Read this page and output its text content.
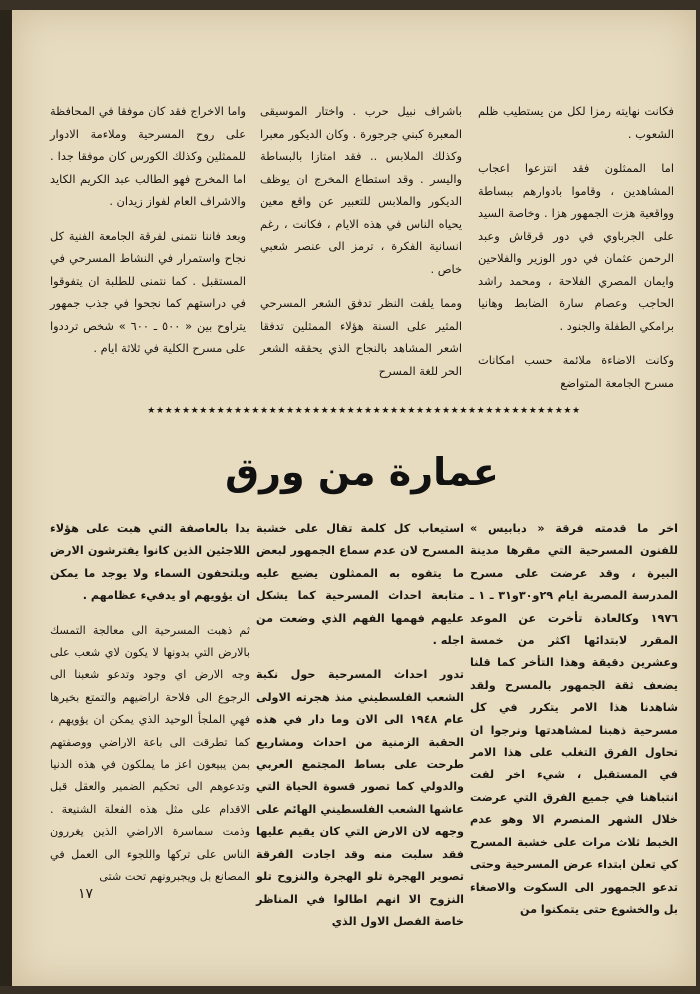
فكانت نهايته رمزا لكل من يستطيب ظلم الشعوب .

اما الممثلون فقد انتزعوا اعجاب المشاهدين ، وقاموا بادوارهم ببساطة وواقعية هزت الجمهور هزا . وخاصة السيد على الجرباوي في دور قرقاش وعبد الرحمن عثمان في دور الوزير والفلاحين وايمان المصري الفلاحة ، ومحمد راشد الحاجب وعصام سارة الضابط وهانيا برامكي الطفلة والجنود .

وكانت الاضاءة ملائمة حسب امكانات مسرح الجامعة المتواضع

باشراف نبيل حرب . واختار الموسيقى المعبرة كبني جرجورة . وكان الديكور معبرا وكذلك الملابس .. فقد امتازا بالبساطة واليسر . وقد استطاع المخرج ان يوظف الديكور والملابس للتعبير عن واقع معين يحياه الناس في هذه الايام ، فكانت ، رغم انسانية الفكرة ، ترمز الى عنصر شعبي خاص .

ومما يلفت النظر تدفق الشعر المسرحي المثير على السنة هؤلاء الممثلين تدفقا اشعر المشاهد بالنجاح الذي يحققه الشعر الحر للغة المسرح

واما الاخراج فقد كان موفقا في المحافظة على روح المسرحية وملاءمة الادوار للممثلين وكذلك الكورس كان موفقا جدا . اما المخرج فهو الطالب عبد الكريم الكايد والاشراف العام لفواز زيدان .

وبعد فاننا نتمنى لفرقة الجامعة الفنية كل نجاح واستمرار في النشاط المسرحي في المستقبل . كما نتمنى للطلبة ان يتفوقوا في دراستهم كما نجحوا في جذب جمهور يتراوح بين « ٥٠٠ ـ ٦٠٠ » شخص ترددوا على مسرح الكلية في ثلاثة ايام .

★★★★★★★★★★★★★★★★★★★★★★★★★★★★★★★★★★★★★★★★★★★★★★★★★★
عمارة من ورق

اخر ما قدمته فرقة « دبابيس » للفنون المسرحية التي مقرها مدينة البيرة ، وقد عرضت على مسرح المدرسة المصرية ايام ٢٩و٣٠و٣١ ـ ١ ـ ١٩٧٦ وكالعادة تأخرت عن الموعد المقرر لابتدائها اكثر من خمسة وعشرين دقيقة وهذا التأخر كما قلنا يضعف ثقة الجمهور بالمسرح ولقد شاهدنا هذا الامر يتكرر في كل مسرحية ذهبنا لمشاهدتها ونرجوا ان تحاول الفرق التغلب على هذا الامر في المستقبل ، شيء اخر لفت انتباهنا في جميع الفرق التي عرضت خلال الشهر المنصرم الا وهو عدم الخبط ثلاث مرات على خشبة المسرح كي تعلن ابتداء عرض المسرحية وحتى تدعو الجمهور الى السكوت والاصغاء بل والخشوع حتى يتمكنوا من

استيعاب كل كلمة تقال على خشبة المسرح لان عدم سماع الجمهور لبعض ما يتفوه به الممثلون يضيع عليه متابعة احداث المسرحية كما يشكل عليهم فهمها الفهم الذي وضعت من اجله .

تدور احداث المسرحية حول نكبة الشعب الفلسطيني منذ هجرته الاولى عام ١٩٤٨ الى الان وما دار في هذه الحقبة الزمنية من احداث ومشاريع طرحت على بساط المجتمع العربي والدولي كما تصور قسوة الحياة التي عاشها الشعب الفلسطيني الهائم على وجهه لان الارض التي كان يقيم عليها فقد سلبت منه وقد اجادت الفرقة تصوير الهجرة تلو الهجرة والنزوح تلو النزوح الا انهم اطالوا في المناظر خاصة الفصل الاول الذي

بدا بالعاصفة التي هبت على هؤلاء اللاجئين الذين كانوا يفترشون الارض ويلتحفون السماء ولا يوجد ما يمكن ان يؤويهم او يدفيء عظامهم .

ثم ذهبت المسرحية الى معالجة التمسك بالارض التي بدونها لا يكون لاي شعب على وجه الارض اي وجود وتدعو شعبنا الى الرجوع الى فلاحة اراضيهم والتمتع بخيرها فهي الملجأ الوحيد الذي يمكن ان يؤويهم ، كما تطرقت الى باعة الاراضي ووصفتهم بمن يبيعون اعز ما يملكون في هذه الدنيا وتدعوهم الى تحكيم الضمير والعقل قبل الاقدام على مثل هذه الفعلة الشنيعة . وذمت سماسرة الاراضي الذين يغررون الناس على تركها واللجوء الى العمل في المصانع بل ويجبرونهم تحت شتى

١٧
